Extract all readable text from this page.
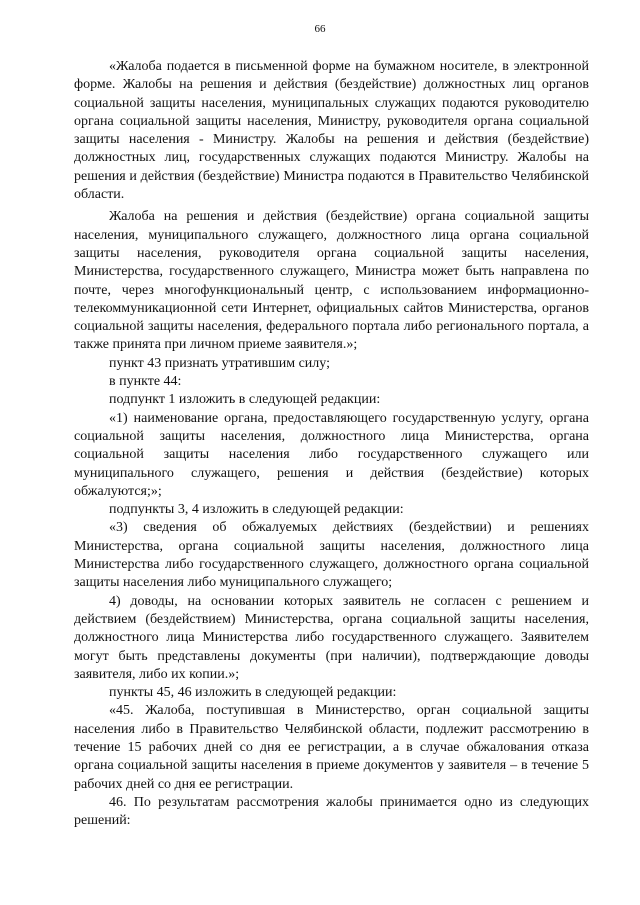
66

«Жалоба подается в письменной форме на бумажном носителе, в электронной форме. Жалобы на решения и действия (бездействие) должностных лиц органов социальной защиты населения, муниципальных служащих подаются руководителю органа социальной защиты населения, Министру, руководителя органа социальной защиты населения - Министру. Жалобы на решения и действия (бездействие) должностных лиц, государственных служащих подаются Министру. Жалобы на решения и действия (бездействие) Министра подаются в Правительство Челябинской области.

Жалоба на решения и действия (бездействие) органа социальной защиты населения, муниципального служащего, должностного лица органа социальной защиты населения, руководителя органа социальной защиты населения, Министерства, государственного служащего, Министра может быть направлена по почте, через многофункциональный центр, с использованием информационно-телекоммуникационной сети Интернет, официальных сайтов Министерства, органов социальной защиты населения, федерального портала либо регионального портала, а также принята при личном приеме заявителя.»;

пункт 43 признать утратившим силу;

в пункте 44:

подпункт 1 изложить в следующей редакции:

«1) наименование органа, предоставляющего государственную услугу, органа социальной защиты населения, должностного лица Министерства, органа социальной защиты населения либо государственного служащего или муниципального служащего, решения и действия (бездействие) которых обжалуются;»;

подпункты 3, 4 изложить в следующей редакции:

«3) сведения об обжалуемых действиях (бездействии) и решениях Министерства, органа социальной защиты населения, должностного лица Министерства либо государственного служащего, должностного органа социальной защиты населения либо муниципального служащего;

4) доводы, на основании которых заявитель не согласен с решением и действием (бездействием) Министерства, органа социальной защиты населения, должностного лица Министерства либо государственного служащего. Заявителем могут быть представлены документы (при наличии), подтверждающие доводы заявителя, либо их копии.»;

пункты 45, 46 изложить в следующей редакции:

«45. Жалоба, поступившая в Министерство, орган социальной защиты населения либо в Правительство Челябинской области, подлежит рассмотрению в течение 15 рабочих дней со дня ее регистрации, а в случае обжалования отказа органа социальной защиты населения в приеме документов у заявителя – в течение 5 рабочих дней со дня ее регистрации.

46. По результатам рассмотрения жалобы принимается одно из следующих решений:
